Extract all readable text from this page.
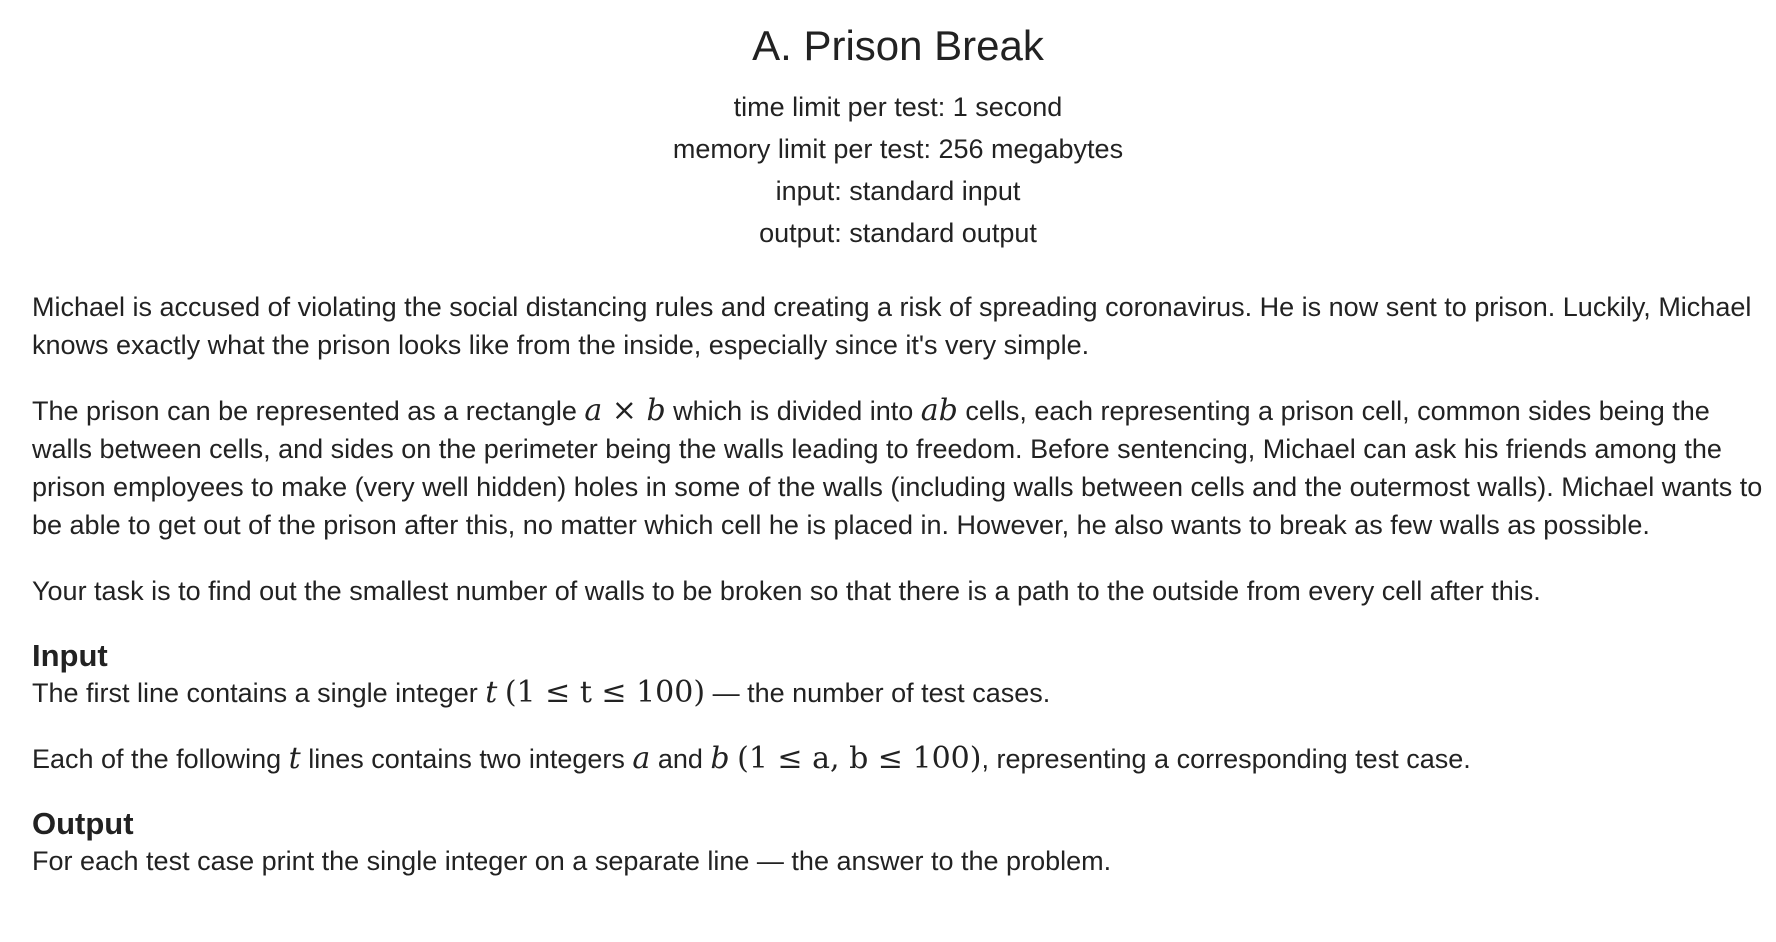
A. Prison Break
time limit per test: 1 second
memory limit per test: 256 megabytes
input: standard input
output: standard output

Michael is accused of violating the social distancing rules and creating a risk of spreading coronavirus. He is now sent to prison. Luckily, Michael knows exactly what the prison looks like from the inside, especially since it's very simple.

The prison can be represented as a rectangle a × b which is divided into ab cells, each representing a prison cell, common sides being the walls between cells, and sides on the perimeter being the walls leading to freedom. Before sentencing, Michael can ask his friends among the prison employees to make (very well hidden) holes in some of the walls (including walls between cells and the outermost walls). Michael wants to be able to get out of the prison after this, no matter which cell he is placed in. However, he also wants to break as few walls as possible.

Your task is to find out the smallest number of walls to be broken so that there is a path to the outside from every cell after this.

Input

The first line contains a single integer t (1 ≤ t ≤ 100) — the number of test cases.

Each of the following t lines contains two integers a and b (1 ≤ a, b ≤ 100), representing a corresponding test case.

Output

For each test case print the single integer on a separate line — the answer to the problem.
